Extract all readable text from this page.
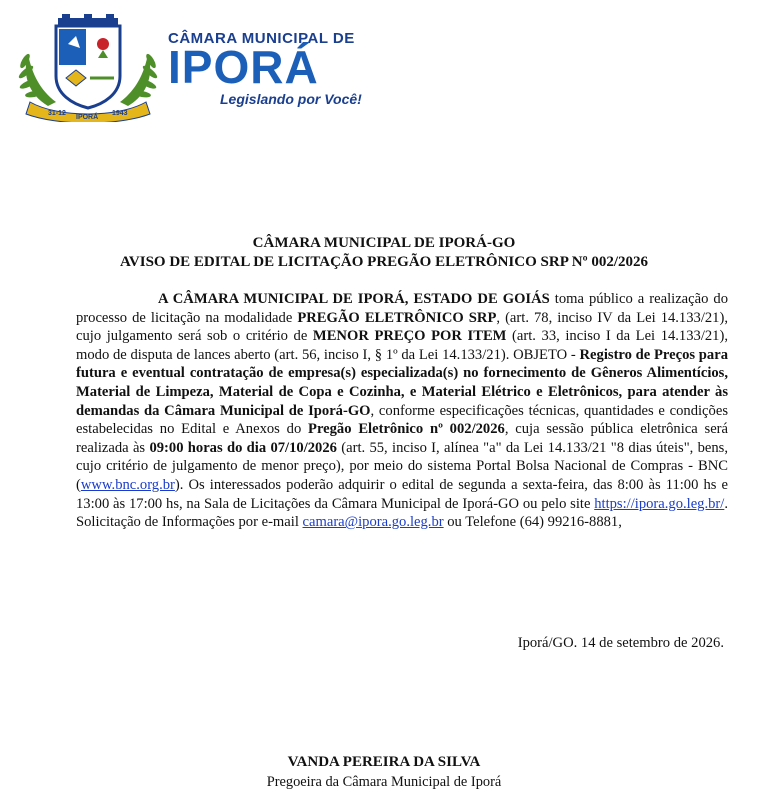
31-12
IPORÁ
1943
CÂMARA MUNICIPAL DE
IPORÁ
Legislando por Você!
CÂMARA MUNICIPAL DE IPORÁ-GO
AVISO DE EDITAL DE LICITAÇÃO PREGÃO ELETRÔNICO SRP Nº 002/2026
A CÂMARA MUNICIPAL DE IPORÁ, ESTADO DE GOIÁS toma público a realização do processo de licitação na modalidade PREGÃO ELETRÔNICO SRP, (art. 78, inciso IV da Lei 14.133/21), cujo julgamento será sob o critério de MENOR PREÇO POR ITEM (art. 33, inciso I da Lei 14.133/21), modo de disputa de lances aberto (art. 56, inciso I, § 1º da Lei 14.133/21). OBJETO - Registro de Preços para futura e eventual contratação de empresa(s) especializada(s) no fornecimento de Gêneros Alimentícios, Material de Limpeza, Material de Copa e Cozinha, e Material Elétrico e Eletrônicos, para atender às demandas da Câmara Municipal de Iporá-GO, conforme especificações técnicas, quantidades e condições estabelecidas no Edital e Anexos do Pregão Eletrônico nº 002/2026, cuja sessão pública eletrônica será realizada às 09:00 horas do dia 07/10/2026 (art. 55, inciso I, alínea "a" da Lei 14.133/21 "8 dias úteis", bens, cujo critério de julgamento de menor preço), por meio do sistema Portal Bolsa Nacional de Compras - BNC (www.bnc.org.br). Os interessados poderão adquirir o edital de segunda a sexta-feira, das 8:00 às 11:00 hs e 13:00 às 17:00 hs, na Sala de Licitações da Câmara Municipal de Iporá-GO ou pelo site https://ipora.go.leg.br/. Solicitação de Informações por e-mail camara@ipora.go.leg.br ou Telefone (64) 99216-8881,
Iporá/GO. 14 de setembro de 2026.
VANDA PEREIRA DA SILVA
Pregoeira da Câmara Municipal de Iporá
